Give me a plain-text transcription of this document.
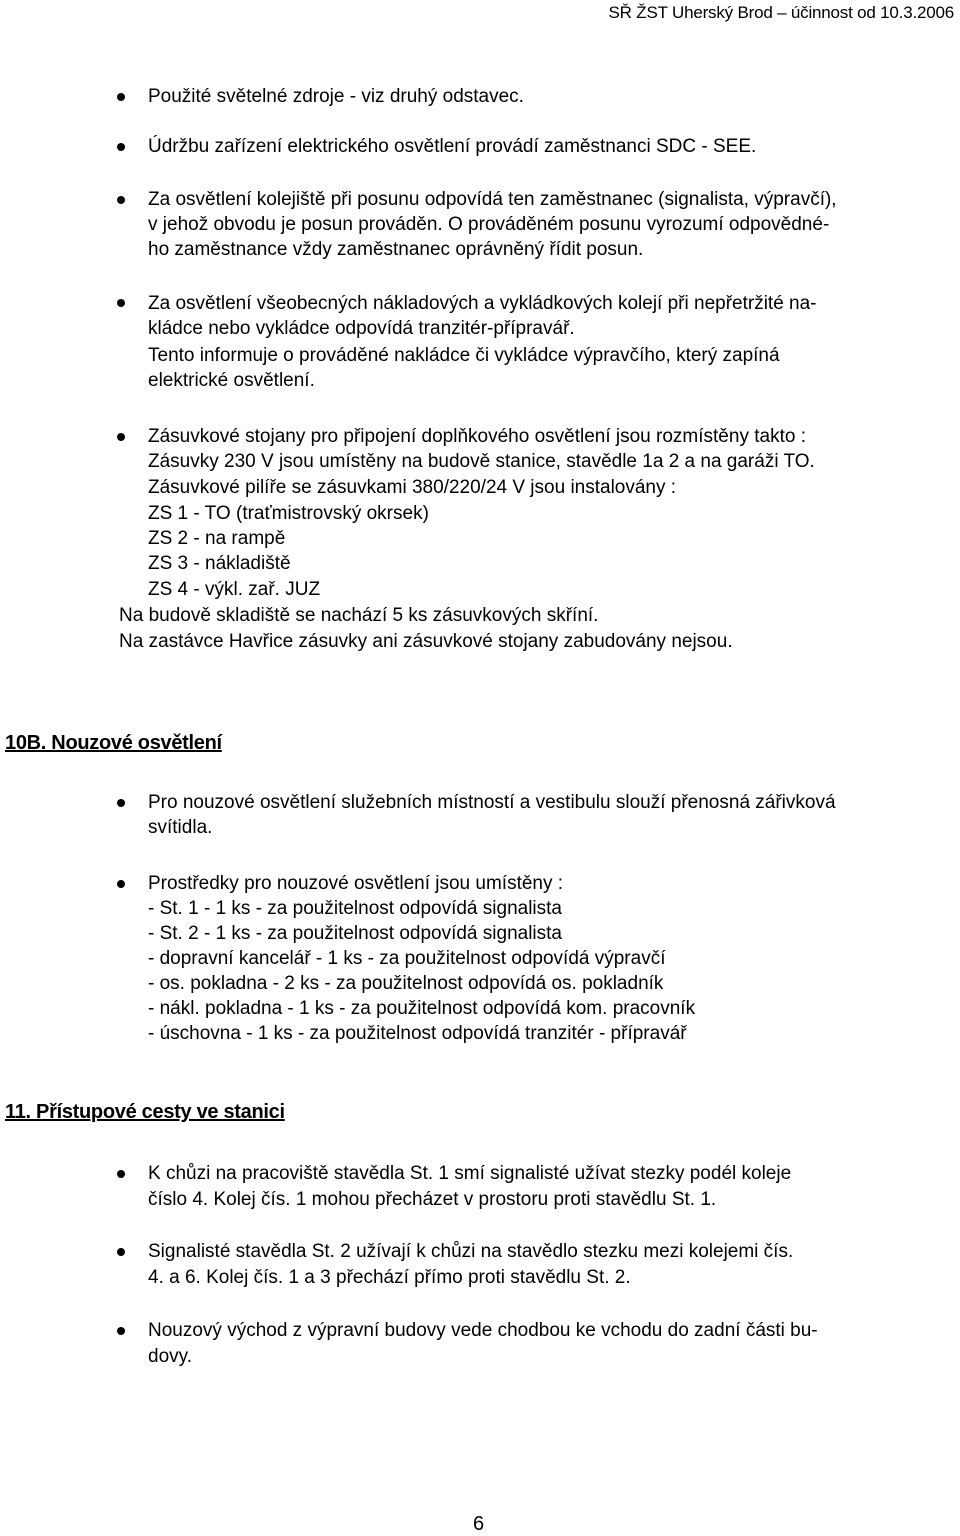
SŘ ŽST Uherský Brod – účinnost od 10.3.2006
Použité světelné zdroje - viz druhý odstavec.
Údržbu zařízení elektrického osvětlení provádí zaměstnanci SDC - SEE.
Za osvětlení kolejiště při posunu odpovídá ten zaměstnanec (signalista, výpravčí),
v jehož obvodu je posun prováděn. O prováděném posunu vyrozumí odpovědné-
ho zaměstnance vždy zaměstnanec oprávněný řídit posun.
Za osvětlení všeobecných nákladových a vykládkových kolejí při nepřetržité na-
kládce nebo vykládce odpovídá tranzitér-přípravář.
Tento informuje o prováděné nakládce či vykládce výpravčího, který zapíná
elektrické osvětlení.
Zásuvkové stojany pro připojení doplňkového osvětlení jsou rozmístěny takto :
Zásuvky 230 V jsou umístěny na budově stanice, stavědle 1a 2 a na garáži TO.
Zásuvkové pilíře se zásuvkami 380/220/24 V jsou instalovány :
ZS 1 - TO (traťmistrovský okrsek)
ZS 2 - na rampě
ZS 3 - nákladiště
ZS 4 - výkl. zař. JUZ
Na budově skladiště se nachází 5 ks zásuvkových skříní.
Na zastávce Havřice zásuvky ani zásuvkové stojany zabudovány nejsou.
10B. Nouzové osvětlení
Pro nouzové osvětlení služebních místností a vestibulu slouží přenosná zářivková
svítidla.
Prostředky pro nouzové osvětlení jsou umístěny :
- St. 1 - 1 ks - za použitelnost odpovídá signalista
- St. 2 - 1 ks - za použitelnost odpovídá signalista
- dopravní kancelář - 1 ks - za použitelnost odpovídá výpravčí
- os. pokladna - 2 ks - za použitelnost odpovídá os. pokladník
- nákl. pokladna - 1 ks - za použitelnost odpovídá kom. pracovník
- úschovna - 1 ks - za použitelnost odpovídá tranzitér - přípravář
11. Přístupové cesty ve stanici
K chůzi na pracoviště stavědla St. 1 smí signalisté užívat stezky podél koleje
číslo 4. Kolej čís. 1 mohou přecházet v prostoru proti stavědlu St. 1.
Signalisté stavědla St. 2 užívají k chůzi na stavědlo stezku mezi kolejemi čís.
4. a 6. Kolej čís. 1 a 3 přechází přímo proti stavědlu St. 2.
Nouzový východ z výpravní budovy vede chodbou ke vchodu do zadní části bu-
dovy.
6
